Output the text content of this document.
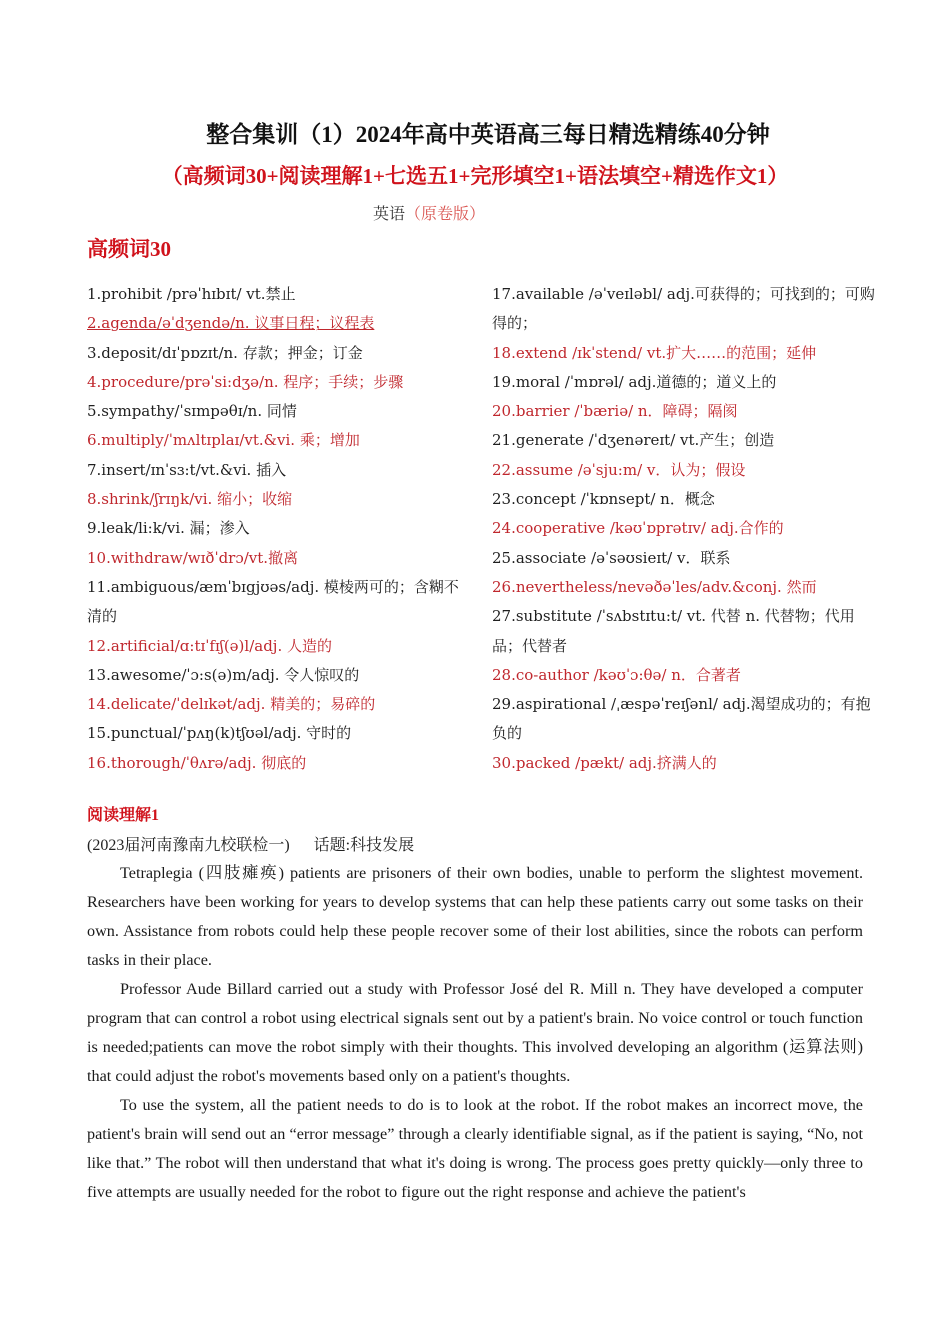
整合集训（1）2024年高中英语高三每日精选精练40分钟
（高频词30+阅读理解1+七选五1+完形填空1+语法填空+精选作文1）
英语（原卷版）
高频词30
1.prohibit /prəˈhɪbɪt/ vt.禁止
2.agenda/əˈdʒendə/n. 议事日程；议程表
3.deposit/dɪˈpɒzɪt/n. 存款；押金；订金
4.procedure/prəˈsi:dʒə/n. 程序；手续；步骤
5.sympathy/ˈsɪmpəθɪ/n. 同情
6.multiply/ˈmʌltɪplaɪ/vt.&vi. 乘；增加
7.insert/ɪnˈsɜ:t/vt.&vi. 插入
8.shrink/ʃrɪŋk/vi. 缩小；收缩
9.leak/li:k/vi. 漏；渗入
10.withdraw/wɪðˈdrɔ/vt.撤离
11.ambiguous/æmˈbɪgjʊəs/adj. 模棱两可的；含糊不清的
12.artificial/ɑ:tɪˈfɪʃ(ə)l/adj. 人造的
13.awesome/ˈɔ:s(ə)m/adj. 令人惊叹的
14.delicate/ˈdelɪkət/adj. 精美的；易碎的
15.punctual/ˈpʌŋ(k)tʃʊəl/adj. 守时的
16.thorough/ˈθʌrə/adj. 彻底的
17.available /əˈveɪləbl/ adj.可获得的；可找到的；可购得的；
18.extend /ɪkˈstend/ vt.扩大……的范围；延伸
19.moral /ˈmɒrəl/ adj.道德的；道义上的
20.barrier /ˈbæriə/ n．障碍；隔阂
21.generate /ˈdʒenəreɪt/ vt.产生；创造
22.assume /əˈsju:m/ v．认为；假设
23.concept /ˈkɒnsept/ n．概念
24.cooperative /kəʊˈɒprətɪv/ adj.合作的
25.associate /əˈsəʊsieɪt/ v．联系
26.nevertheless/nevəðəˈles/adv.&conj. 然而
27.substitute /ˈsʌbstɪtu:t/ vt. 代替 n. 代替物；代用品；代替者
28.co-author /kəʊˈɔ:θə/ n．合著者
29.aspirational /ˌæspəˈreɪʃənl/ adj.渴望成功的；有抱负的
30.packed /pækt/ adj.挤满人的
阅读理解1
(2023届河南豫南九校联检一) 话题:科技发展

Tetraplegia (四肢瘫痪) patients are prisoners of their own bodies, unable to perform the slightest movement. Researchers have been working for years to develop systems that can help these patients carry out some tasks on their own. Assistance from robots could help these people recover some of their lost abilities, since the robots can perform tasks in their place.

Professor Aude Billard carried out a study with Professor José del R. Mill n. They have developed a computer program that can control a robot using electrical signals sent out by a patient's brain. No voice control or touch function is needed;patients can move the robot simply with their thoughts. This involved developing an algorithm (运算法则) that could adjust the robot's movements based only on a patient's thoughts.

To use the system, all the patient needs to do is to look at the robot. If the robot makes an incorrect move, the patient's brain will send out an “error message” through a clearly identifiable signal, as if the patient is saying, “No, not like that.” The robot will then understand that what it's doing is wrong. The process goes pretty quickly—only three to five attempts are usually needed for the robot to figure out the right response and achieve the patient's
